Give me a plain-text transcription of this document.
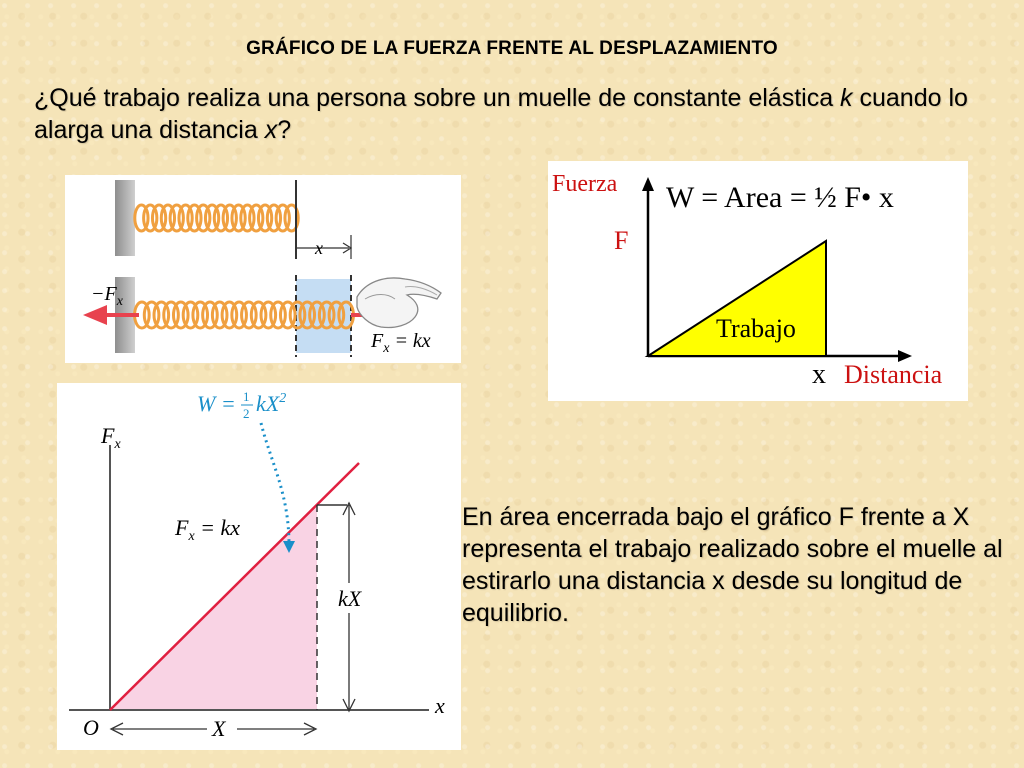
GRÁFICO DE LA FUERZA FRENTE AL DESPLAZAMIENTO
¿Qué trabajo realiza una persona sobre un muelle de constante elástica k cuando lo alarga una distancia x?
x
$-F_x$
$F_x$ = kx
Fuerza W = Area = ½ F• x
F
Trabajo
x Distancia
W = 1
2 $kX^2$
$F_x$
$F_x$ = kx
kX
x
O	X
En área encerrada bajo el gráfico F frente a X representa el trabajo realizado sobre el muelle al estirarlo una distancia x desde su longitud de equilibrio.
